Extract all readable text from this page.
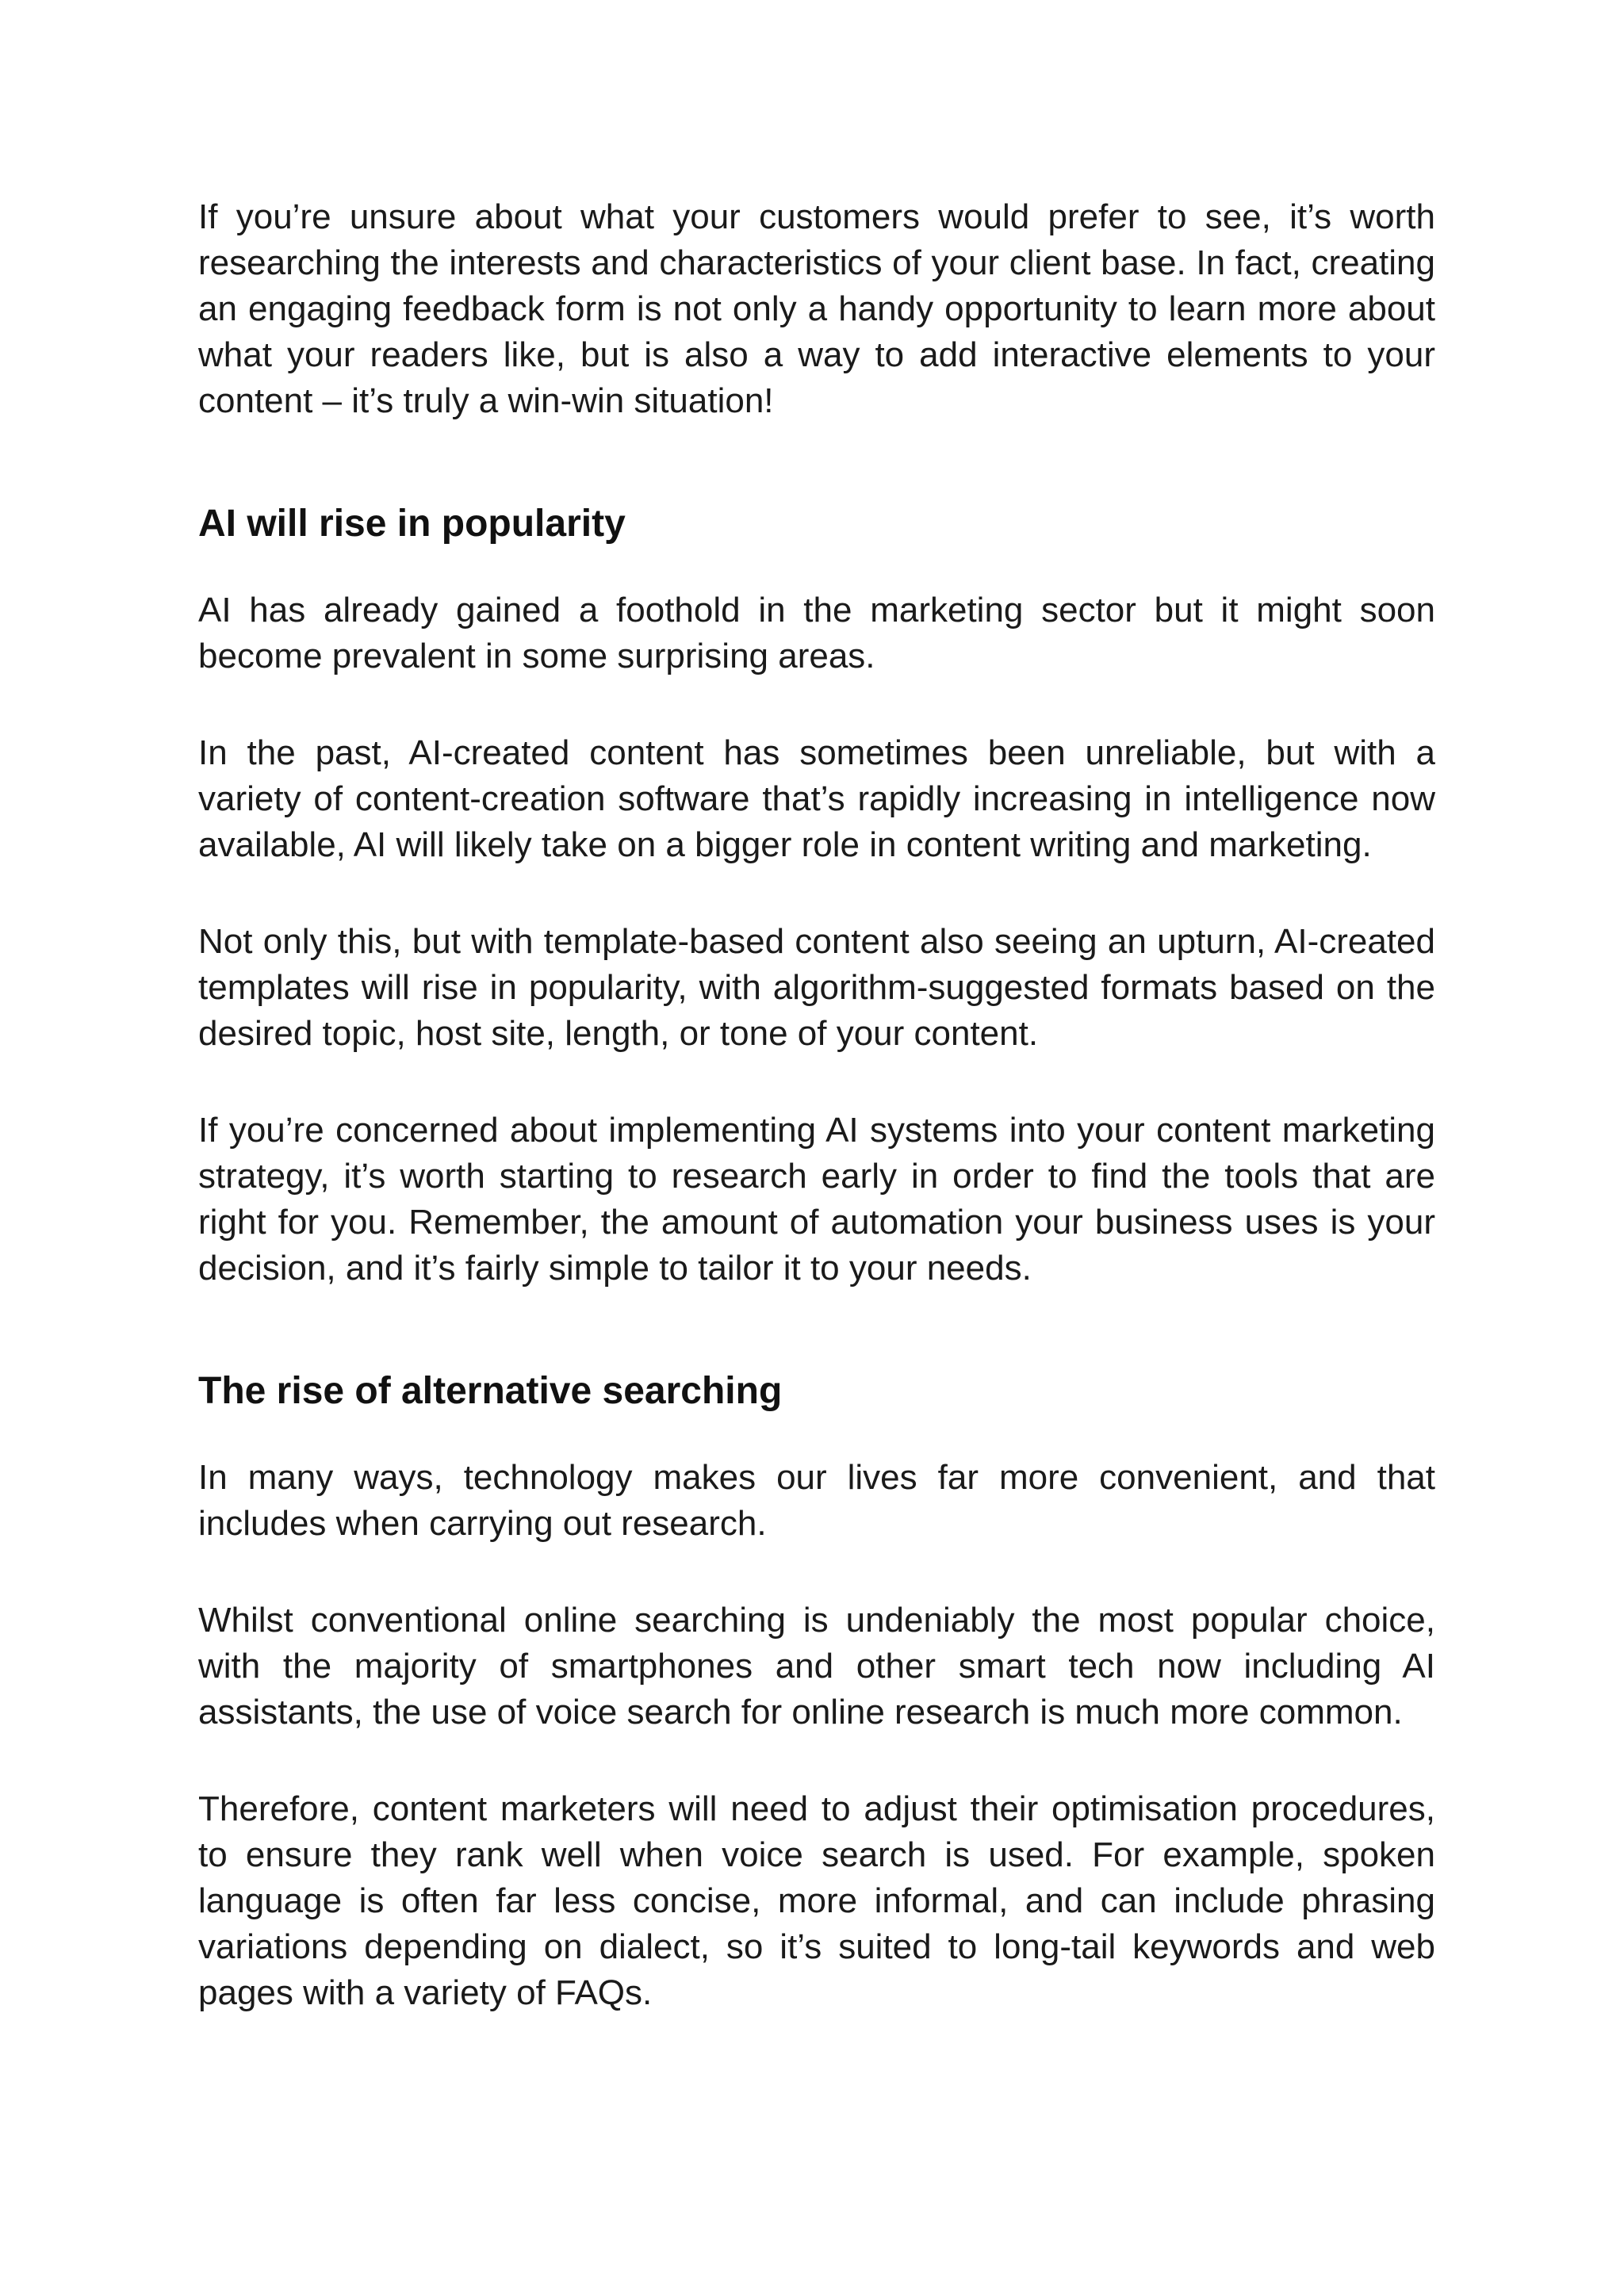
If you’re unsure about what your customers would prefer to see, it’s worth researching the interests and characteristics of your client base. In fact, creating an engaging feedback form is not only a handy opportunity to learn more about what your readers like, but is also a way to add interactive elements to your content – it’s truly a win-win situation!

AI will rise in popularity

AI has already gained a foothold in the marketing sector but it might soon become prevalent in some surprising areas.

In the past, AI-created content has sometimes been unreliable, but with a variety of content-creation software that’s rapidly increasing in intelligence now available, AI will likely take on a bigger role in content writing and marketing.

Not only this, but with template-based content also seeing an upturn, AI-created templates will rise in popularity, with algorithm-suggested formats based on the desired topic, host site, length, or tone of your content.

If you’re concerned about implementing AI systems into your content marketing strategy, it’s worth starting to research early in order to find the tools that are right for you. Remember, the amount of automation your business uses is your decision, and it’s fairly simple to tailor it to your needs.

The rise of alternative searching

In many ways, technology makes our lives far more convenient, and that includes when carrying out research.

Whilst conventional online searching is undeniably the most popular choice, with the majority of smartphones and other smart tech now including AI assistants, the use of voice search for online research is much more common.

Therefore, content marketers will need to adjust their optimisation procedures, to ensure they rank well when voice search is used. For example, spoken language is often far less concise, more informal, and can include phrasing variations depending on dialect, so it’s suited to long-tail keywords and web pages with a variety of FAQs.
